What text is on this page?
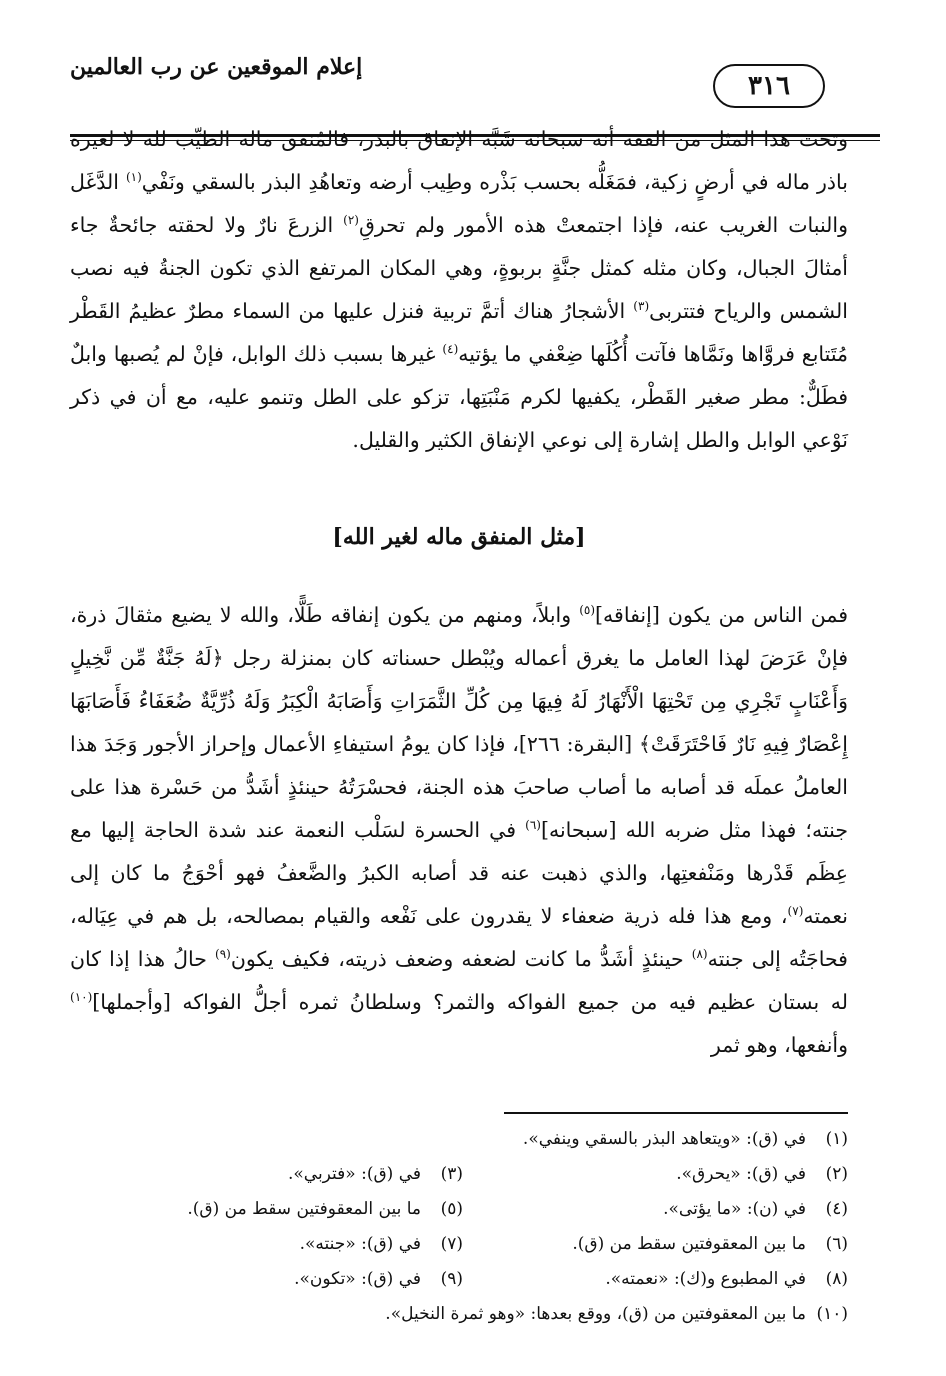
٣١٦
إعلام الموقعين عن رب العالمين
وتحت هذا المثل من الفقه أنه سبحانه شَبَّه الإنفاق بالبذر، فالمُنفق ماله الطيِّب لله لا لغيره باذر ماله في أرضٍ زكية، فمَغَلُّه بحسب بَذْره وطِيب أرضه وتعاهُدِ البذر بالسقي ونَفْي$^{(١)}$ الدَّغَل والنبات الغريب عنه، فإذا اجتمعتْ هذه الأمور ولم تحرقِ$^{(٢)}$ الزرعَ نارٌ ولا لحقته جائحةٌ جاء أمثالَ الجبال، وكان مثله كمثل جنَّةٍ بربوةٍ، وهي المكان المرتفع الذي تكون الجنةُ فيه نصب الشمس والرياح فتتربى$^{(٣)}$ الأشجارُ هناك أتمَّ تربية فنزل عليها من السماء مطرٌ عظيمُ القَطْر مُتَتابع فروَّاها ونَمَّاها فآتت أُكُلَها ضِعْفي ما يؤتيه$^{(٤)}$ غيرها بسبب ذلك الوابل، فإنْ لم يُصبها وابلٌ فطَلٌّ: مطر صغير القَطْر، يكفيها لكرم مَنْبَتِها، تزكو على الطل وتنمو عليه، مع أن في ذكر نَوْعي الوابل والطل إشارة إلى نوعي الإنفاق الكثير والقليل.
[مثل المنفق ماله لغير الله]
فمن الناس من يكون [إنفاقه]$^{(٥)}$ وابلاً، ومنهم من يكون إنفاقه طَلًّا، والله لا يضيع مثقالَ ذرة، فإنْ عَرَضَ لهذا العامل ما يغرق أعماله ويُبْطل حسناته كان بمنزلة رجل ﴿لَهُ جَنَّةٌ مِّن نَّخِيلٍ وَأَعْنَابٍ تَجْرِي مِن تَحْتِهَا الْأَنْهَارُ لَهُ فِيهَا مِن كُلِّ الثَّمَرَاتِ وَأَصَابَهُ الْكِبَرُ وَلَهُ ذُرِّيَّةٌ ضُعَفَاءُ فَأَصَابَهَا إِعْصَارٌ فِيهِ نَارٌ فَاحْتَرَقَتْ﴾ [البقرة: ٢٦٦]، فإذا كان يومُ استيفاءِ الأعمال وإحراز الأجور وَجَدَ هذا العاملُ عملَه قد أصابه ما أصاب صاحبَ هذه الجنة، فحسْرَتُهُ حينئذٍ أشَدُّ من حَسْرة هذا على جنته؛ فهذا مثل ضربه الله [سبحانه]$^{(٦)}$ في الحسرة لسَلْب النعمة عند شدة الحاجة إليها مع عِظَم قَدْرها ومَنْفعتِها، والذي ذهبت عنه قد أصابه الكبرُ والضَّعفُ فهو أحْوَجُ ما كان إلى نعمته$^{(٧)}$، ومع هذا فله ذرية ضعفاء لا يقدرون على نَفْعه والقيام بمصالحه، بل هم في عِيَاله، فحاجَتُه إلى جنته$^{(٨)}$ حينئذٍ أشَدُّ ما كانت لضعفه وضعف ذريته، فكيف يكون$^{(٩)}$ حالُ هذا إذا كان له بستان عظيم فيه من جميع الفواكه والثمر؟ وسلطانُ ثمره أجلُّ الفواكه [وأجملها]$^{(١٠)}$ وأنفعها، وهو ثمر
(١)في (ق): «ويتعاهد البذر بالسقي وينفي».
(٢)في (ق): «يحرق».
(٣)في (ق): «فتربي».
(٤)في (ن): «ما يؤتى».
(٥)ما بين المعقوفتين سقط من (ق).
(٦)ما بين المعقوفتين سقط من (ق).
(٧)في (ق): «جنته».
(٨)في المطبوع و(ك): «نعمته».
(٩)في (ق): «تكون».
(١٠)ما بين المعقوفتين من (ق)، ووقع بعدها: «وهو ثمرة النخيل».
